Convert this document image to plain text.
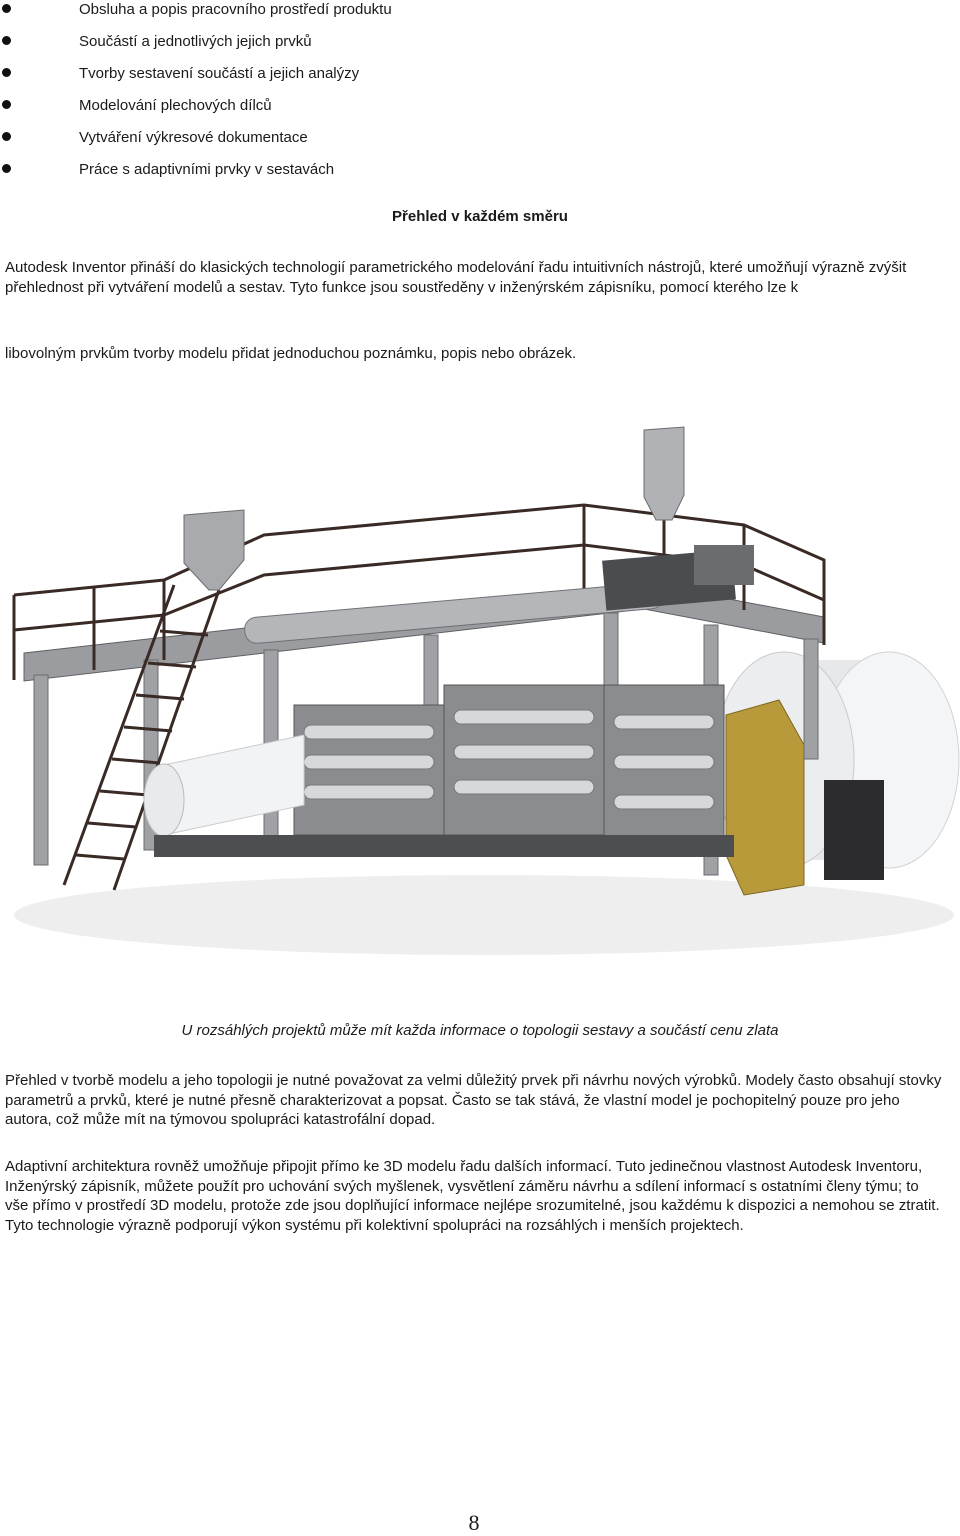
Obsluha a popis pracovního prostředí produktu
Součástí a jednotlivých jejich prvků
Tvorby sestavení součástí a jejich analýzy
Modelování plechových dílců
Vytváření výkresové dokumentace
Práce s adaptivními prvky v sestavách
Přehled v každém směru

Autodesk Inventor přináší do klasických technologií parametrického modelování řadu intuitivních nástrojů, které umožňují výrazně zvýšit přehlednost při vytváření modelů a sestav. Tyto funkce jsou soustředěny v inženýrském zápisníku, pomocí kterého lze k

libovolným prvkům tvorby modelu přidat jednoduchou poznámku, popis nebo obrázek.

U rozsáhlých projektů může mít každa informace o topologii sestavy a součástí cenu zlata

Přehled v tvorbě modelu a jeho topologii je nutné považovat za velmi důležitý prvek při návrhu nových výrobků. Modely často obsahují stovky parametrů a prvků, které je nutné přesně charakterizovat a popsat. Často se tak stává, že vlastní model je pochopitelný pouze pro jeho autora, což může mít na týmovou spolupráci katastrofální dopad.

Adaptivní architektura rovněž umožňuje připojit přímo ke 3D modelu řadu dalších informací. Tuto jedinečnou vlastnost Autodesk Inventoru, Inženýrský zápisník, můžete použít pro uchování svých myšlenek, vysvětlení záměru návrhu a sdílení informací s ostatními členy týmu; to vše přímo v prostředí 3D modelu, protože zde jsou doplňující informace nejlépe srozumitelné, jsou každému k dispozici a nemohou se ztratit. Tyto technologie výrazně podporují výkon systému při kolektivní spolupráci na rozsáhlých i menších projektech.

8
